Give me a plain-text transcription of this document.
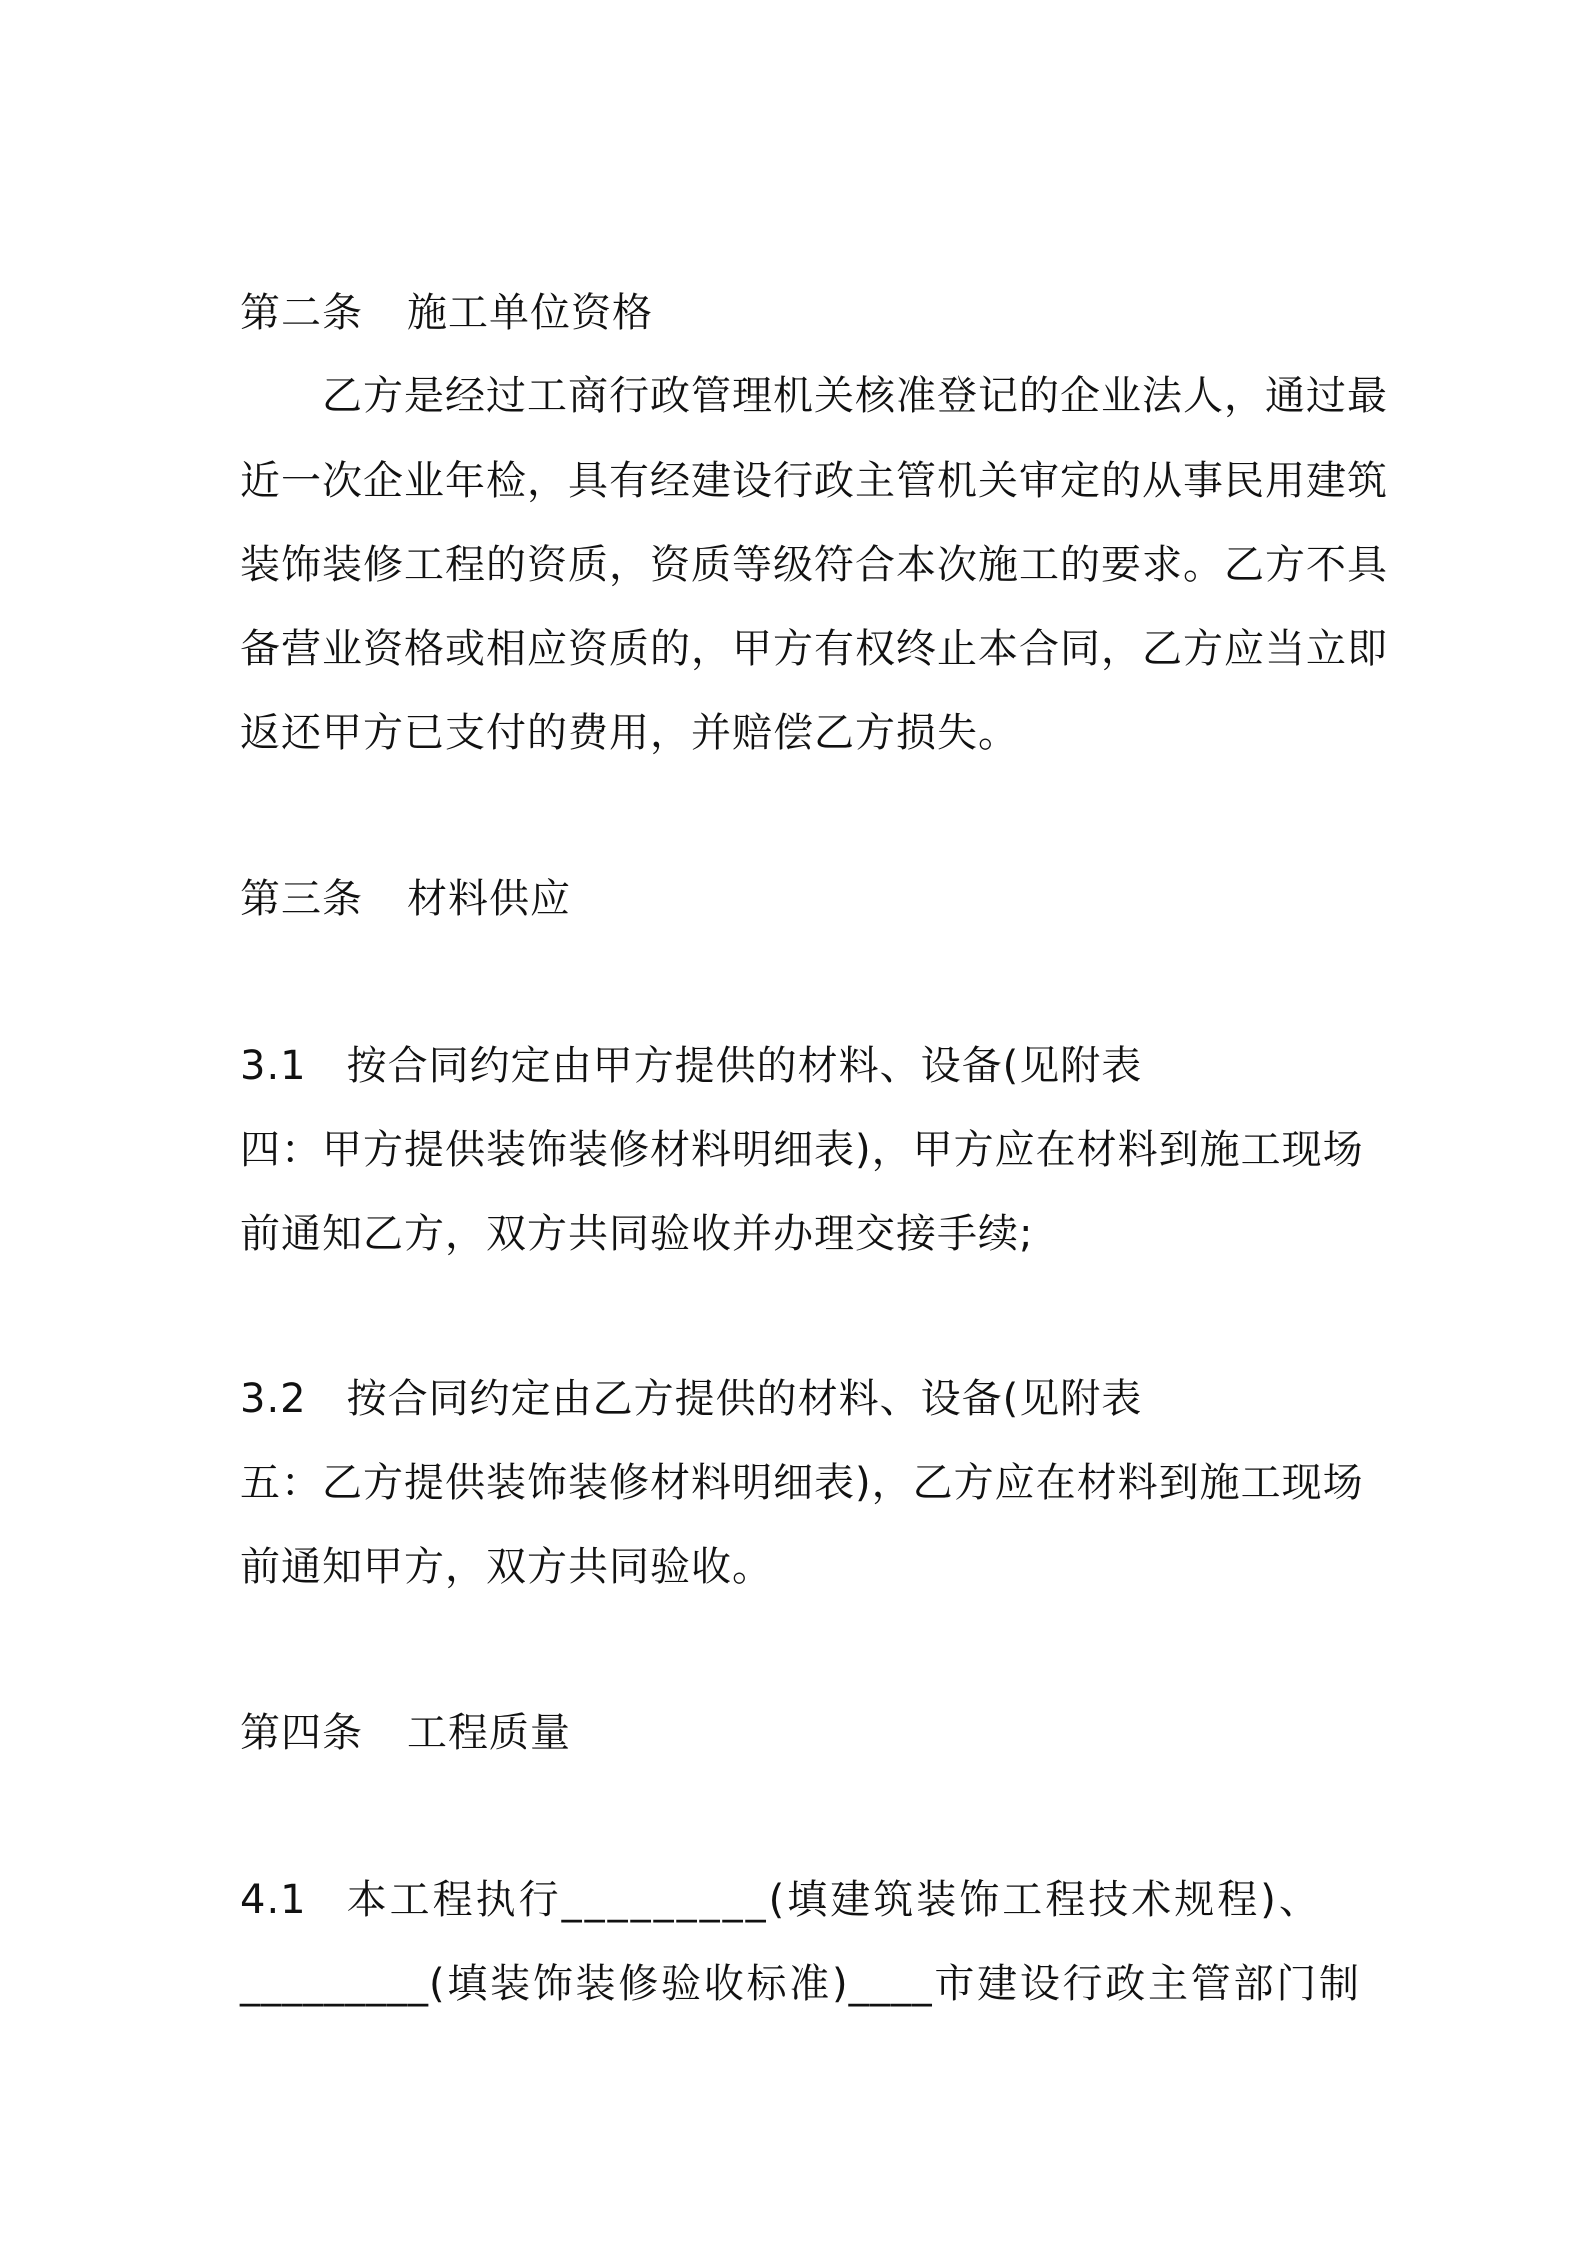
第二条 施工单位资格
乙方是经过工商行政管理机关核准登记的企业法人，通过最
近一次企业年检，具有经建设行政主管机关审定的从事民用建筑
装饰装修工程的资质，资质等级符合本次施工的要求。乙方不具
备营业资格或相应资质的，甲方有权终止本合同，乙方应当立即
返还甲方已支付的费用，并赔偿乙方损失。
第三条 材料供应
3.1 按合同约定由甲方提供的材料、设备(见附表
四：甲方提供装饰装修材料明细表)，甲方应在材料到施工现场
前通知乙方，双方共同验收并办理交接手续;
3.2 按合同约定由乙方提供的材料、设备(见附表
五：乙方提供装饰装修材料明细表)，乙方应在材料到施工现场
前通知甲方，双方共同验收。
第四条 工程质量
4.1 本工程执行_________(填建筑装饰工程技术规程)、
_________(填装饰装修验收标准)____市建设行政主管部门制
